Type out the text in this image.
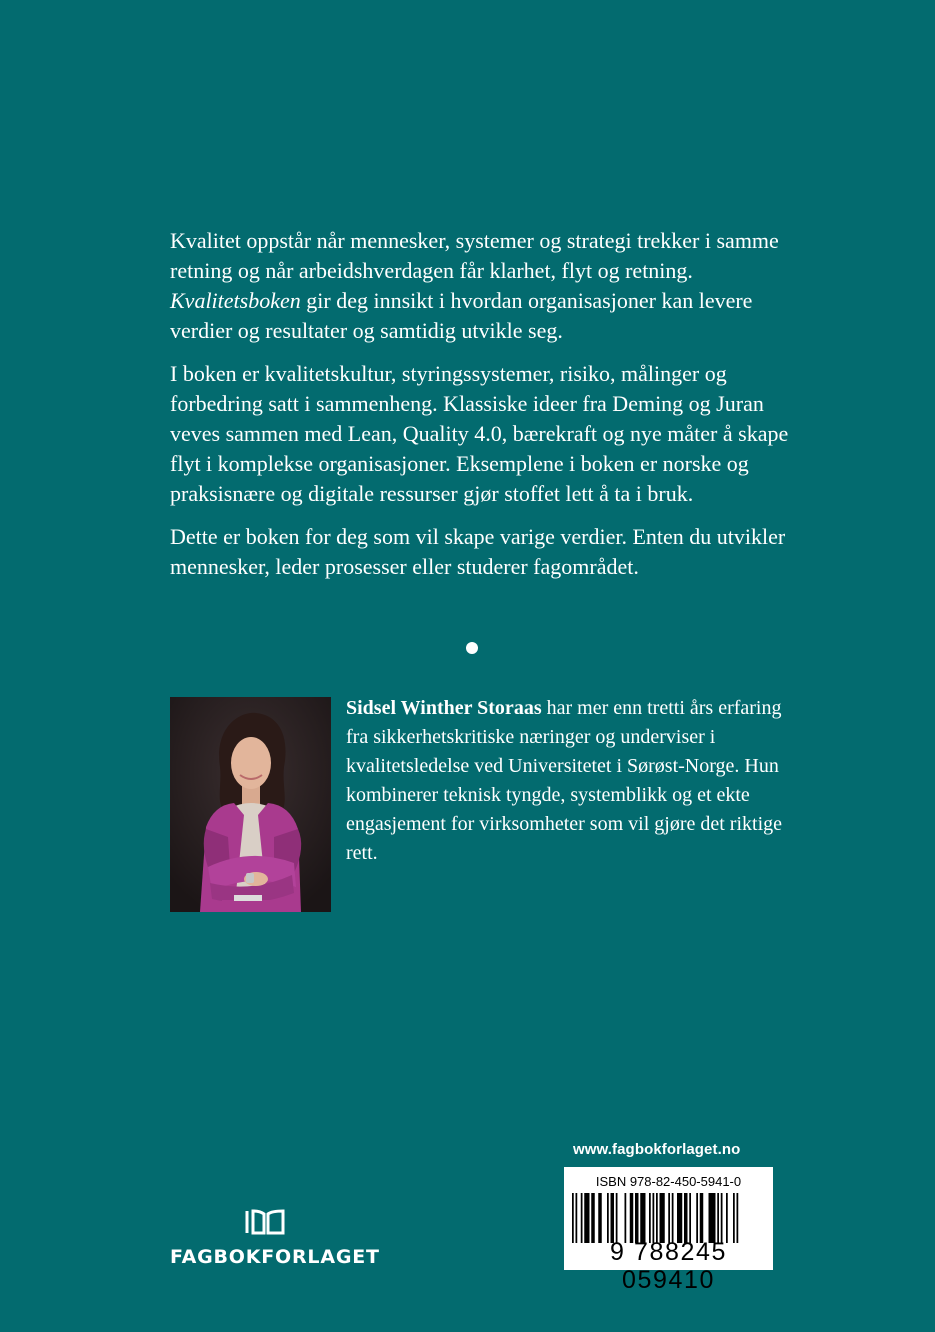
Kvalitet oppstår når mennesker, systemer og strategi trekker i samme retning og når arbeidshverdagen får klarhet, flyt og retning. Kvalitetsboken gir deg innsikt i hvordan organisasjoner kan levere verdier og resultater og samtidig utvikle seg.

I boken er kvalitetskultur, styringssystemer, risiko, målinger og forbedring satt i sammenheng. Klassiske ideer fra Deming og Juran veves sammen med Lean, Quality 4.0, bærekraft og nye måter å skape flyt i komplekse organisasjoner. Eksemplene i boken er norske og praksisnære og digitale ressurser gjør stoffet lett å ta i bruk.

Dette er boken for deg som vil skape varige verdier. Enten du utvikler mennesker, leder prosesser eller studerer fagområdet.

Sidsel Winther Storaas har mer enn tretti års erfaring fra sikkerhetskritiske næringer og underviser i kvalitetsledelse ved Universitetet i Sørøst-Norge. Hun kombinerer teknisk tyngde, systemblikk og et ekte engasjement for virksomheter som vil gjøre det riktige rett.
www.fagbokforlaget.no
ISBN 978-82-450-5941-0
9 788245 059410
FAGBOKFORLAGET
